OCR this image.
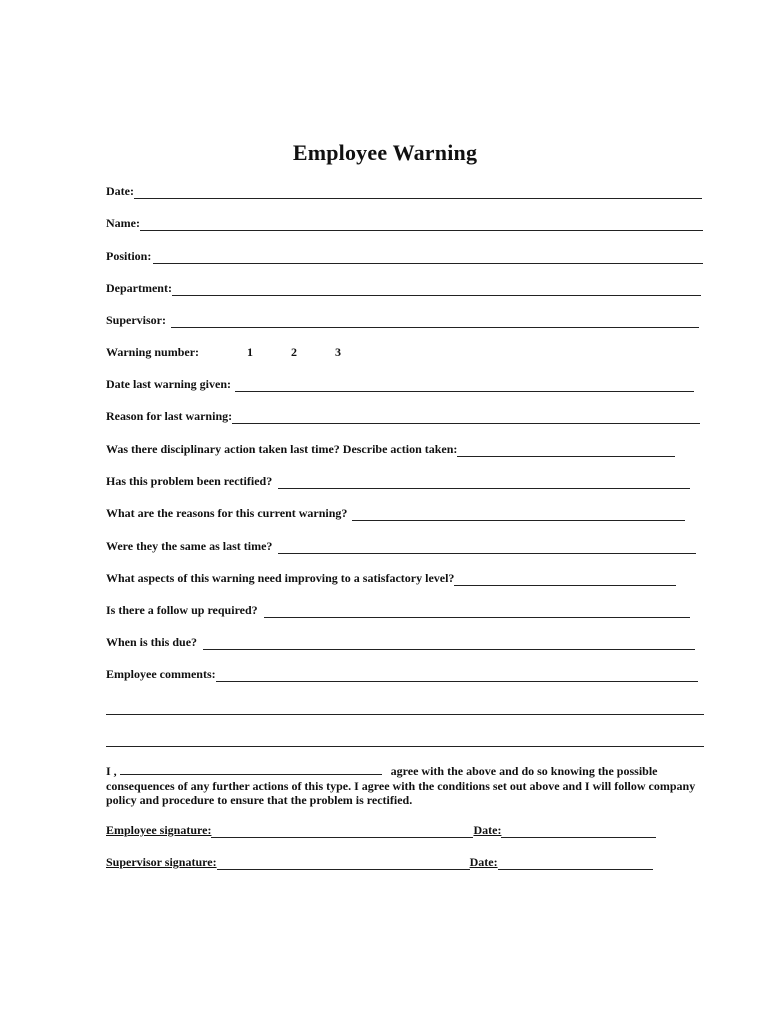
Employee Warning
Date:
Name:
Position:
Department:
Supervisor:
Warning number:	1	2	3
Date last warning given:
Reason for last warning:
Was there disciplinary action taken last time? Describe action taken:
Has this problem been rectified?
What are the reasons for this current warning?
Were they the same as last time?
What aspects of this warning need improving to a satisfactory level?
Is there a follow up required?
When is this due?
Employee comments:
I ,	agree with the above and do so knowing the possible consequences of any further actions of this type. I agree with the conditions set out above and I will follow company policy and procedure to ensure that the problem is rectified.
Employee signature:	Date:
Supervisor signature:	Date:
